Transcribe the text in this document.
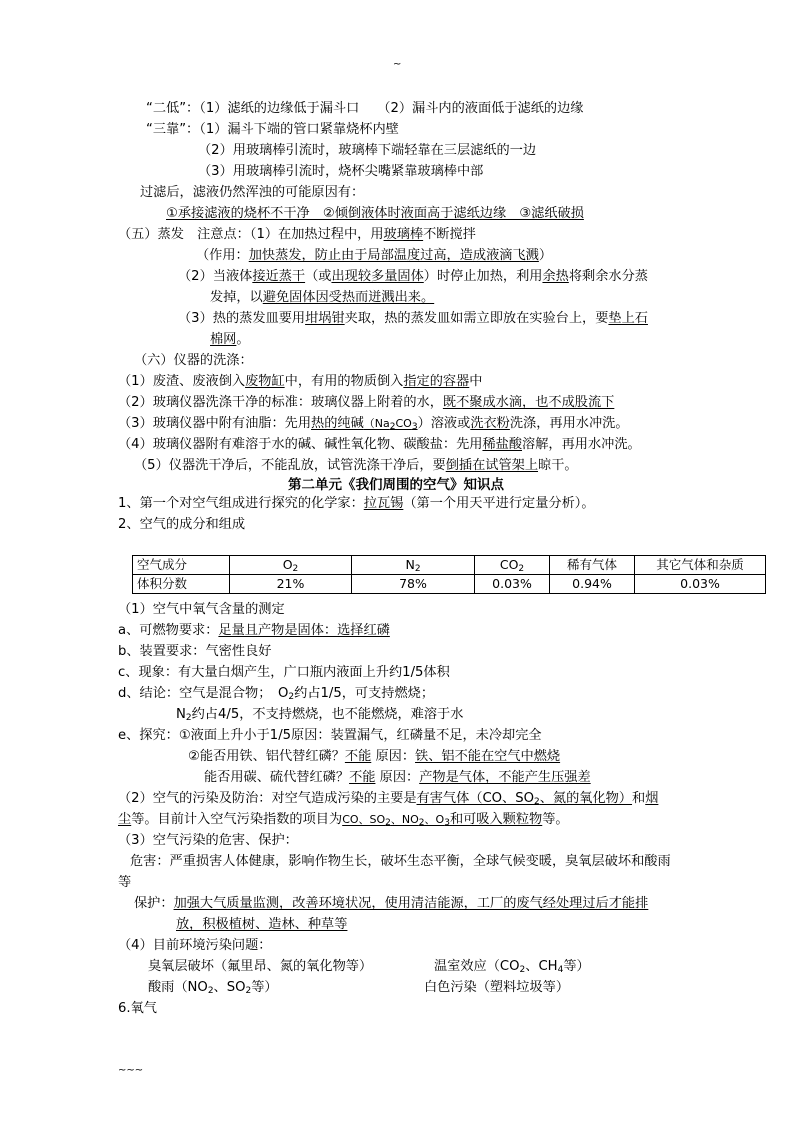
~
“二低”：（1）滤纸的边缘低于漏斗口 （2）漏斗内的液面低于滤纸的边缘
“三靠”：（1）漏斗下端的管口紧靠烧杯内壁
（2）用玻璃棒引流时，玻璃棒下端轻靠在三层滤纸的一边
（3）用玻璃棒引流时，烧杯尖嘴紧靠玻璃棒中部
过滤后，滤液仍然浑浊的可能原因有：
①承接滤液的烧杯不干净　②倾倒液体时液面高于滤纸边缘　③滤纸破损
（五）蒸发　注意点：（1）在加热过程中，用玻璃棒不断搅拌
（作用：加快蒸发，防止由于局部温度过高，造成液滴飞溅）
（2）当液体接近蒸干（或出现较多量固体）时停止加热，利用余热将剩余水分蒸
发掉，以避免固体因受热而迸溅出来。
（3）热的蒸发皿要用坩埚钳夹取，热的蒸发皿如需立即放在实验台上，要垫上石
棉网。
（六）仪器的洗涤：
（1）废渣、废液倒入废物缸中，有用的物质倒入指定的容器中
（2）玻璃仪器洗涤干净的标准：玻璃仪器上附着的水，既不聚成水滴，也不成股流下
（3）玻璃仪器中附有油脂：先用热的纯碱$(Na_2CO_3)$溶液或洗衣粉洗涤，再用水冲洗。
（4）玻璃仪器附有难溶于水的碱、碱性氧化物、碳酸盐：先用稀盐酸溶解，再用水冲洗。
（5）仪器洗干净后，不能乱放，试管洗涤干净后，要倒插在试管架上晾干。
第二单元《我们周围的空气》知识点
1、第一个对空气组成进行探究的化学家：拉瓦锡（第一个用天平进行定量分析）。
2、空气的成分和组成
空气成分	$O_2$	$N_2$	$CO_2$	稀有气体	其它气体和杂质
体积分数	21%	78%	0.03%	0.94%	0.03%
（1）空气中氧气含量的测定
a、可燃物要求：足量且产物是固体：选择红磷
b、装置要求：气密性良好
c、现象：有大量白烟产生，广口瓶内液面上升约1/5体积
d、结论：空气是混合物；　$O_2$约占1/5，可支持燃烧；
$N_2$约占4/5，不支持燃烧，也不能燃烧，难溶于水
e、探究：①液面上升小于1/5原因：装置漏气，红磷量不足，未冷却完全
②能否用铁、铝代替红磷？不能 原因：铁、铝不能在空气中燃烧
能否用碳、硫代替红磷？不能 原因：产物是气体，不能产生压强差
（2）空气的污染及防治：对空气造成污染的主要是有害气体（CO、$SO_2$、氮的氧化物）和烟
尘等。目前计入空气污染指数的项目为CO、$SO_2$、$NO_2$、$O_3$和可吸入颗粒物等。
（3）空气污染的危害、保护：
危害：严重损害人体健康，影响作物生长，破坏生态平衡，全球气候变暖，臭氧层破坏和酸雨
等
保护：加强大气质量监测，改善环境状况，使用清洁能源，工厂的废气经处理过后才能排
放，积极植树、造林、种草等
（4）目前环境污染问题：
臭氧层破坏（氟里昂、氮的氧化物等）	温室效应（$CO_2$、$CH_4$等）
酸雨（$NO_2$、$SO_2$等）	白色污染（塑料垃圾等）
6.氧气
~~~
